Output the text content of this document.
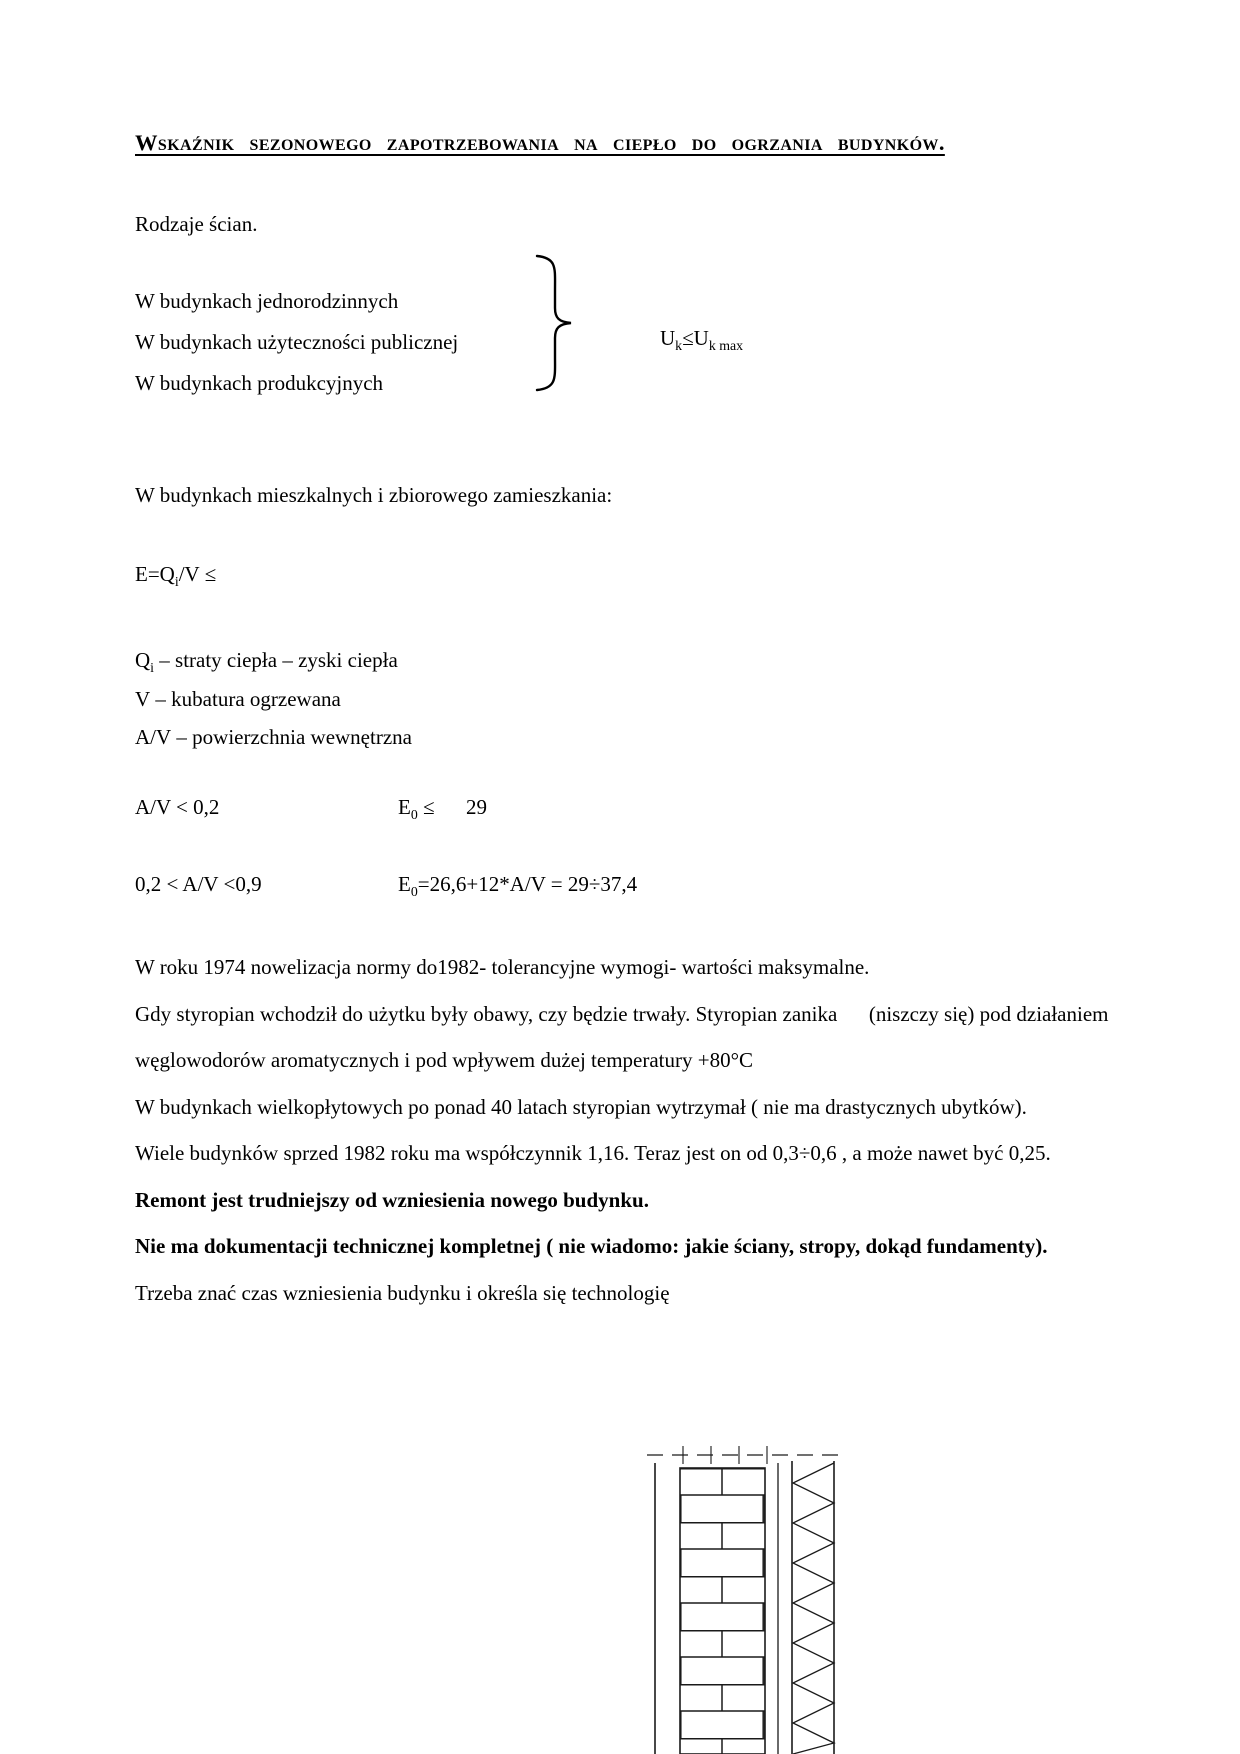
Wskaźnik sezonowego zapotrzebowania na ciepło do ogrzania budynków.

Rodzaje ścian.

W budynkach jednorodzinnych

W budynkach użyteczności publicznej

W budynkach produkcyjnych

$U_k\le U_{k max}$

W budynkach mieszkalnych i zbiorowego zamieszkania:

$E=Q_i/V$ ≤

$Q_i$ – straty ciepła – zyski ciepła

V – kubatura ogrzewana

A/V – powierzchnia wewnętrzna

A/V < 0,2	$E_0$ ≤      29
0,2 < A/V <0,9	$E_0=26,6+12*A/V = 29\div 37,4$

W roku 1974 nowelizacja normy do1982- tolerancyjne wymogi- wartości maksymalne.

Gdy styropian wchodził do użytku były obawy, czy będzie trwały. Styropian zanika      (niszczy się) pod działaniem węglowodorów aromatycznych i pod wpływem dużej temperatury +80°C

W budynkach wielkopłytowych po ponad 40 latach styropian wytrzymał ( nie ma drastycznych ubytków).

Wiele budynków sprzed 1982 roku ma współczynnik 1,16. Teraz jest on od 0,3÷0,6 , a może nawet być 0,25.

Remont jest trudniejszy od wzniesienia nowego budynku.

Nie ma dokumentacji technicznej kompletnej ( nie wiadomo: jakie ściany, stropy, dokąd fundamenty).

Trzeba znać czas wzniesienia budynku i określa się technologię
